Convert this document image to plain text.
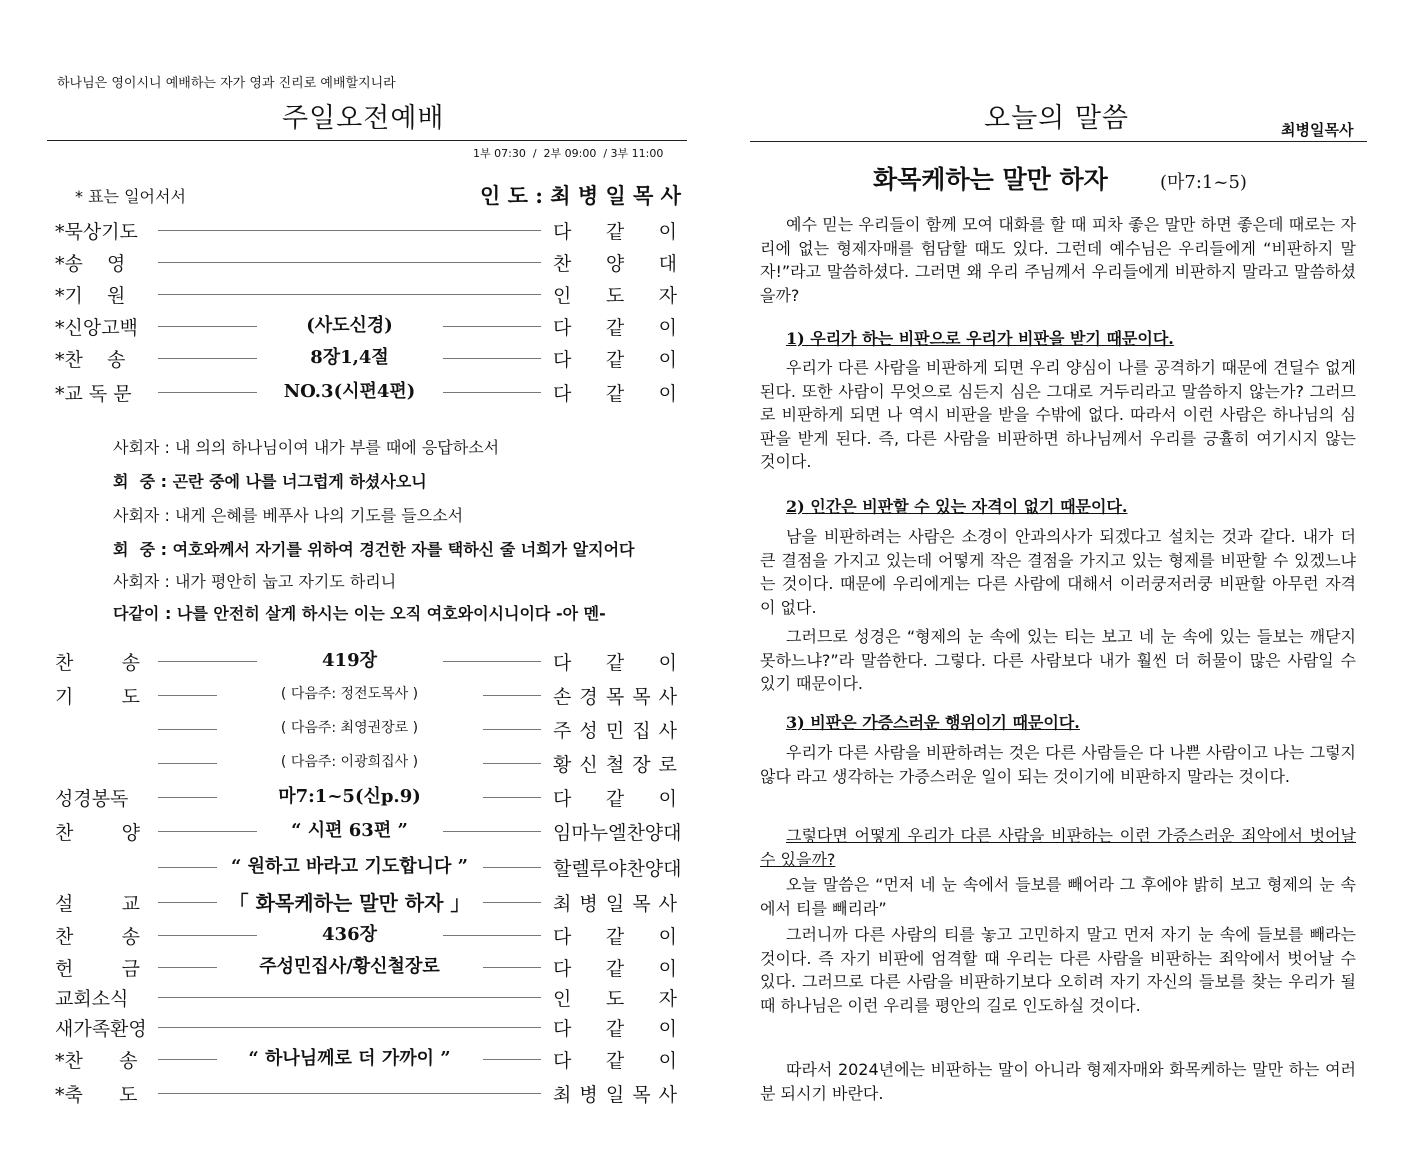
하나님은 영이시니 예배하는 자가 영과 진리로 예배할지니라
주일오전예배
1부 07:30  /  2부 09:00  / 3부 11:00
* 표는 일어서서	인 도 : 최 병 일 목 사
*묵상기도	다 같 이
*송    영	찬 양 대
*기    원	인 도 자
*신앙고백	(사도신경)	다 같 이
*찬    송	8장1,4절	다 같 이
*교 독 문	NO.3(시편4편)	다 같 이
사회자 : 내 의의 하나님이여 내가 부를 때에 응답하소서
회  중 : 곤란 중에 나를 너그럽게 하셨사오니
사회자 : 내게 은혜를 베푸사 나의 기도를 들으소서
회  중 : 여호와께서 자기를 위하여 경건한 자를 택하신 줄 너희가 알지어다
사회자 : 내가 평안히 눕고 자기도 하리니
다같이 : 나를 안전히 살게 하시는 이는 오직 여호와이시니이다 -아 멘-
찬        송	419장	다 같 이
기        도	( 다음주: 정전도목사 )	손 경 목 목 사
( 다음주: 최영권장로 )	주 성 민 집 사
( 다음주: 이광희집사 )	황 신 철 장 로
성경봉독	마7:1~5(신p.9)	다 같 이
찬        양	“ 시편 63편 ”	임 마 누 엘 찬 양 대
“ 원하고 바라고 기도합니다 ”	할 렐 루 야 찬 양 대
설        교	「 화목케하는 말만 하자 」	최 병 일 목 사
찬        송	436장	다 같 이
헌        금	주성민집사/황신철장로	다 같 이
교회소식	인 도 자
새가족환영	다 같 이
*찬      송	“ 하나님께로 더 가까이 ”	다 같 이
*축      도	최 병 일 목 사
오늘의 말씀	최병일목사
화목케하는 말만 하자	(마7:1~5)
예수 믿는 우리들이 함께 모여 대화를 할 때 피차 좋은 말만 하면 좋은데 때로는 자리에 없는 형제자매를 험담할 때도 있다. 그런데 예수님은 우리들에게 “비판하지 말자!”라고 말씀하셨다. 그러면 왜 우리 주님께서 우리들에게 비판하지 말라고 말씀하셨을까?
1) 우리가 하는 비판으로 우리가 비판을 받기 때문이다.
우리가 다른 사람을 비판하게 되면 우리 양심이 나를 공격하기 때문에 견딜수 없게 된다. 또한 사람이 무엇으로 심든지 심은 그대로 거두리라고 말씀하지 않는가? 그러므로 비판하게 되면 나 역시 비판을 받을 수밖에 없다. 따라서 이런 사람은 하나님의 심판을 받게 된다. 즉, 다른 사람을 비판하면 하나님께서 우리를 긍휼히 여기시지 않는 것이다.
2) 인간은 비판할 수 있는 자격이 없기 때문이다.
남을 비판하려는 사람은 소경이 안과의사가 되겠다고 설치는 것과 같다. 내가 더 큰 결점을 가지고 있는데 어떻게 작은 결점을 가지고 있는 형제를 비판할 수 있겠느냐는 것이다. 때문에 우리에게는 다른 사람에 대해서 이러쿵저러쿵 비판할 아무런 자격이 없다.
그러므로 성경은 “형제의 눈 속에 있는 티는 보고 네 눈 속에 있는 들보는 깨닫지 못하느냐?”라 말씀한다. 그렇다. 다른 사람보다 내가 훨씬 더 허물이 많은 사람일 수 있기 때문이다.
3) 비판은 가증스러운 행위이기 때문이다.
우리가 다른 사람을 비판하려는 것은 다른 사람들은 다 나쁜 사람이고 나는 그렇지 않다 라고 생각하는 가증스러운 일이 되는 것이기에 비판하지 말라는 것이다.
그렇다면 어떻게 우리가 다른 사람을 비판하는 이런 가증스러운 죄악에서 벗어날 수 있을까?
오늘 말씀은 “먼저 네 눈 속에서 들보를 빼어라 그 후에야 밝히 보고 형제의 눈 속에서 티를 빼리라”
그러니까 다른 사람의 티를 놓고 고민하지 말고 먼저 자기 눈 속에 들보를 빼라는 것이다. 즉 자기 비판에 엄격할 때 우리는 다른 사람을 비판하는 죄악에서 벗어날 수 있다. 그러므로 다른 사람을 비판하기보다 오히려 자기 자신의 들보를 찾는 우리가 될 때 하나님은 이런 우리를 평안의 길로 인도하실 것이다.
따라서 2024년에는 비판하는 말이 아니라 형제자매와 화목케하는 말만 하는 여러분 되시기 바란다.
